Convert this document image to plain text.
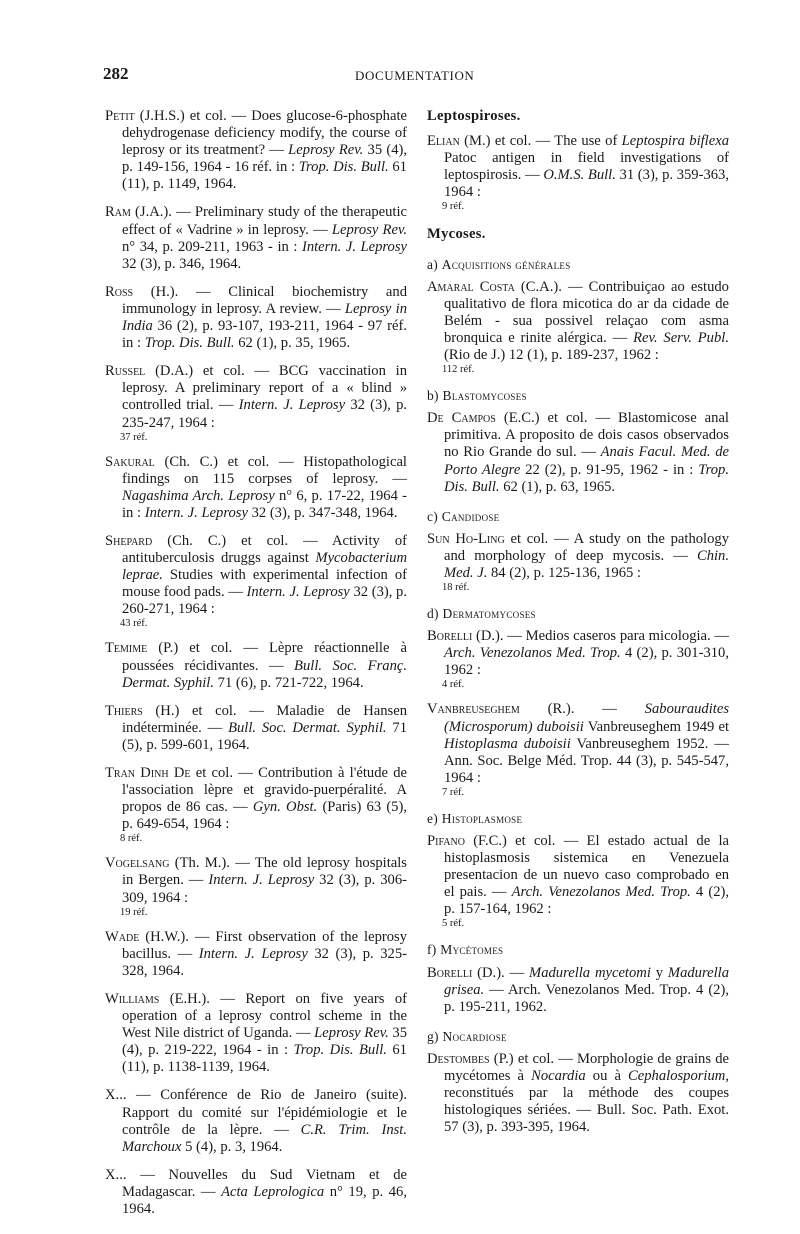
282	DOCUMENTATION

Petit (J.H.S.) et col. — Does glucose-6-phosphate dehydrogenase deficiency modify, the course of leprosy or its treatment? — Leprosy Rev. 35 (4), p. 149-156, 1964 - 16 réf. in : Trop. Dis. Bull. 61 (11), p. 1149, 1964.

Ram (J.A.). — Preliminary study of the therapeutic effect of « Vadrine » in leprosy. — Leprosy Rev. n° 34, p. 209-211, 1963 - in : Intern. J. Leprosy 32 (3), p. 346, 1964.

Ross (H.). — Clinical biochemistry and immunology in leprosy. A review. — Leprosy in India 36 (2), p. 93-107, 193-211, 1964 - 97 réf. in : Trop. Dis. Bull. 62 (1), p. 35, 1965.

Russel (D.A.) et col. — BCG vaccination in leprosy. A preliminary report of a « blind » controlled trial. — Intern. J. Leprosy 32 (3), p. 235-247, 1964 :
37 réf.

Sakural (Ch. C.) et col. — Histopathological findings on 115 corpses of leprosy. — Nagashima Arch. Leprosy n° 6, p. 17-22, 1964 - in : Intern. J. Leprosy 32 (3), p. 347-348, 1964.

Shepard (Ch. C.) et col. — Activity of antituberculosis druggs against Mycobacterium leprae. Studies with experimental infection of mouse food pads. — Intern. J. Leprosy 32 (3), p. 260-271, 1964 :
43 réf.

Temime (P.) et col. — Lèpre réactionnelle à poussées récidivantes. — Bull. Soc. Franç. Dermat. Syphil. 71 (6), p. 721-722, 1964.

Thiers (H.) et col. — Maladie de Hansen indéterminée. — Bull. Soc. Dermat. Syphil. 71 (5), p. 599-601, 1964.

Tran Dinh De et col. — Contribution à l'étude de l'association lèpre et gravido-puerpéralité. A propos de 86 cas. — Gyn. Obst. (Paris) 63 (5), p. 649-654, 1964 :
8 réf.

Vogelsang (Th. M.). — The old leprosy hospitals in Bergen. — Intern. J. Leprosy 32 (3), p. 306-309, 1964 :
19 réf.

Wade (H.W.). — First observation of the leprosy bacillus. — Intern. J. Leprosy 32 (3), p. 325-328, 1964.

Williams (E.H.). — Report on five years of operation of a leprosy control scheme in the West Nile district of Uganda. — Leprosy Rev. 35 (4), p. 219-222, 1964 - in : Trop. Dis. Bull. 61 (11), p. 1138-1139, 1964.

X... — Conférence de Rio de Janeiro (suite). Rapport du comité sur l'épidémiologie et le contrôle de la lèpre. — C.R. Trim. Inst. Marchoux 5 (4), p. 3, 1964.

X... — Nouvelles du Sud Vietnam et de Madagascar. — Acta Leprologica n° 19, p. 46, 1964.

Leptospiroses.

Elian (M.) et col. — The use of Leptospira biflexa Patoc antigen in field investigations of leptospirosis. — O.M.S. Bull. 31 (3), p. 359-363, 1964 :
9 réf.

Mycoses.
a) Acquisitions générales

Amaral Costa (C.A.). — Contribuiçao ao estudo qualitativo de flora micotica do ar da cidade de Belém - sua possivel relaçao com asma bronquica e rinite alérgica. — Rev. Serv. Publ. (Rio de J.) 12 (1), p. 189-237, 1962 :
112 réf.

b) Blastomycoses

De Campos (E.C.) et col. — Blastomicose anal primitiva. A proposito de dois casos observados no Rio Grande do sul. — Anais Facul. Med. de Porto Alegre 22 (2), p. 91-95, 1962 - in : Trop. Dis. Bull. 62 (1), p. 63, 1965.

c) Candidose

Sun Ho-Ling et col. — A study on the pathology and morphology of deep mycosis. — Chin. Med. J. 84 (2), p. 125-136, 1965 :
18 réf.

d) Dermatomycoses

Borelli (D.). — Medios caseros para micologia. — Arch. Venezolanos Med. Trop. 4 (2), p. 301-310, 1962 :
4 réf.

Vanbreuseghem (R.). — Sabouraudites (Microsporum) duboisii Vanbreuseghem 1949 et Histoplasma duboisii Vanbreuseghem 1952. — Ann. Soc. Belge Méd. Trop. 44 (3), p. 545-547, 1964 :
7 réf.

e) Histoplasmose

Pifano (F.C.) et col. — El estado actual de la histoplasmosis sistemica en Venezuela presentacion de un nuevo caso comprobado en el pais. — Arch. Venezolanos Med. Trop. 4 (2), p. 157-164, 1962 :
5 réf.

f) Mycétomes

Borelli (D.). — Madurella mycetomi y Madurella grisea. — Arch. Venezolanos Med. Trop. 4 (2), p. 195-211, 1962.

g) Nocardiose

Destombes (P.) et col. — Morphologie de grains de mycétomes à Nocardia ou à Cephalosporium, reconstitués par la méthode des coupes histologiques sériées. — Bull. Soc. Path. Exot. 57 (3), p. 393-395, 1964.
